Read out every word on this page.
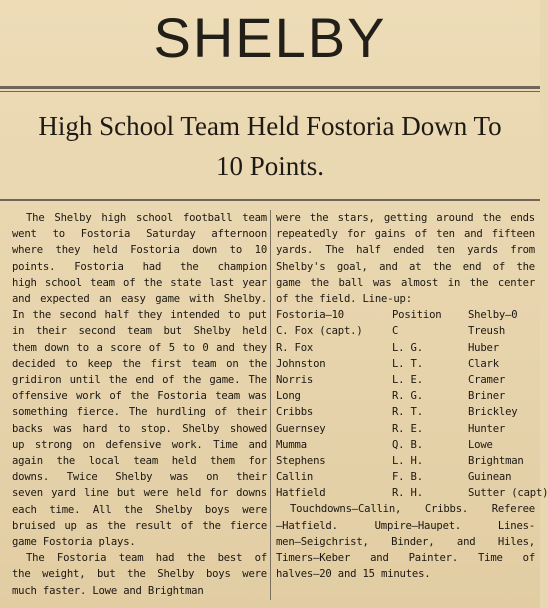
SHELBY
High School Team Held Fostoria Down To
10 Points.
The Shelby high school football team
went to Fostoria Saturday afternoon
where they held Fostoria down to 10
points. Fostoria had the champion
high school team of the state last year
and expected an easy game with Shelby.
In the second half they intended to put
in their second team but Shelby held
them down to a score of 5 to 0 and they
decided to keep the first team on the
gridiron until the end of the game. The
offensive work of the Fostoria team was
something fierce. The hurdling of their
backs was hard to stop. Shelby showed
up strong on defensive work. Time and
again the local team held them for
downs. Twice Shelby was on their
seven yard line but were held for downs
each time. All the Shelby boys were
bruised up as the result of the fierce
game Fostoria plays.
The Fostoria team had the best of
the weight, but the Shelby boys were
much faster. Lowe and Brightman
were the stars, getting around the ends
repeatedly for gains of ten and fifteen
yards. The half ended ten yards from
Shelby's goal, and at the end of the
game the ball was almost in the center
of the field. Line-up:
Fostoria—10	Position	Shelby—0
C. Fox (capt.)	C	Treush
R. Fox	L. G.	Huber
Johnston	L. T.	Clark
Norris	L. E.	Cramer
Long	R. G.	Briner
Cribbs	R. T.	Brickley
Guernsey	R. E.	Hunter
Mumma	Q. B.	Lowe
Stephens	L. H.	Brightman
Callin	F. B.	Guinean
Hatfield	R. H.	Sutter (capt)
Touchdowns—Callin, Cribbs. Referee
—Hatfield. Umpire—Haupet. Lines-
men—Seigchrist, Binder, and Hiles,
Timers—Keber and Painter. Time of
halves—20 and 15 minutes.
